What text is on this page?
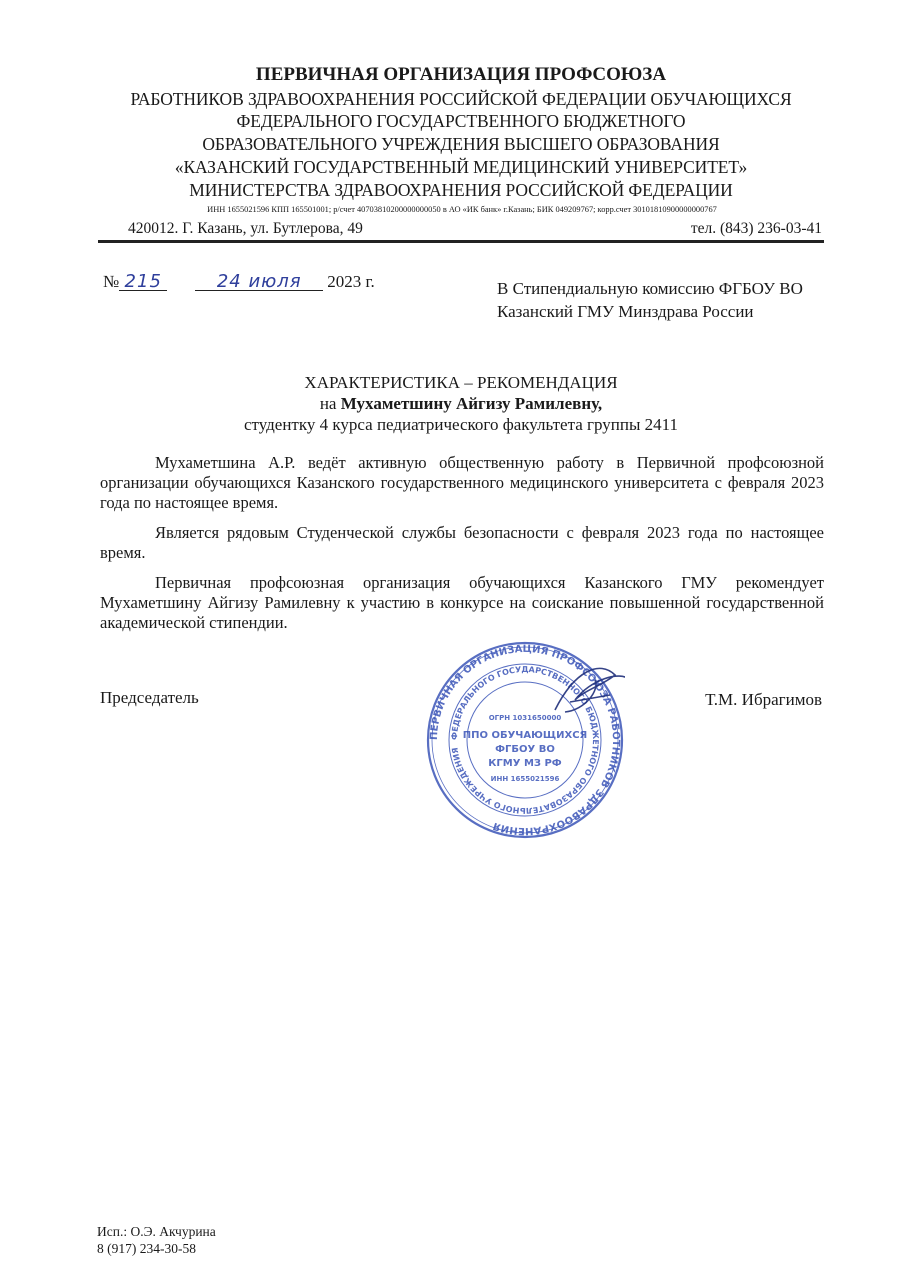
ПЕРВИЧНАЯ ОРГАНИЗАЦИЯ ПРОФСОЮЗА
РАБОТНИКОВ ЗДРАВООХРАНЕНИЯ РОССИЙСКОЙ ФЕДЕРАЦИИ ОБУЧАЮЩИХСЯ
ФЕДЕРАЛЬНОГО ГОСУДАРСТВЕННОГО БЮДЖЕТНОГО
ОБРАЗОВАТЕЛЬНОГО УЧРЕЖДЕНИЯ ВЫСШЕГО ОБРАЗОВАНИЯ
«КАЗАНСКИЙ ГОСУДАРСТВЕННЫЙ МЕДИЦИНСКИЙ УНИВЕРСИТЕТ»
МИНИСТЕРСТВА ЗДРАВООХРАНЕНИЯ РОССИЙСКОЙ ФЕДЕРАЦИИ
ИНН 1655021596 КПП 165501001; р/счет 40703810200000000050 в АО «ИК банк» г.Казань; БИК 049209767; корр.счет 30101810900000000767
420012. Г. Казань, ул. Бутлерова, 49	тел. (843) 236-03-41
№ 215	24 июля 2023 г.	В Стипендиальную комиссию ФГБОУ ВО
Казанский ГМУ Минздрава России
ХАРАКТЕРИСТИКА – РЕКОМЕНДАЦИЯ
на Мухаметшину Айгизу Рамилевну,
студентку 4 курса педиатрического факультета группы 2411

Мухаметшина А.Р. ведёт активную общественную работу в Первичной профсоюзной организации обучающихся Казанского государственного медицинского университета с февраля 2023 года по настоящее время.

Является рядовым Студенческой службы безопасности с февраля 2023 года по настоящее время.

Первичная профсоюзная организация обучающихся Казанского ГМУ рекомендует Мухаметшину Айгизу Рамилевну к участию в конкурсе на соискание повышенной государственной академической стипендии.

Председатель	Т.М. Ибрагимов
ПЕРВИЧНАЯ ОРГАНИЗАЦИЯ ПРОФСОЮЗА РАБОТНИКОВ ЗДРАВООХРАНЕНИЯ
ФЕДЕРАЛЬНОГО ГОСУДАРСТВЕННОГО БЮДЖЕТНОГО ОБРАЗОВАТЕЛЬНОГО УЧРЕЖДЕНИЯ
ОГРН 1031650000
ППО ОБУЧАЮЩИХСЯ
ФГБОУ ВО
КГМУ МЗ РФ
ИНН 1655021596
Исп.: О.Э. Акчурина
8 (917) 234-30-58
